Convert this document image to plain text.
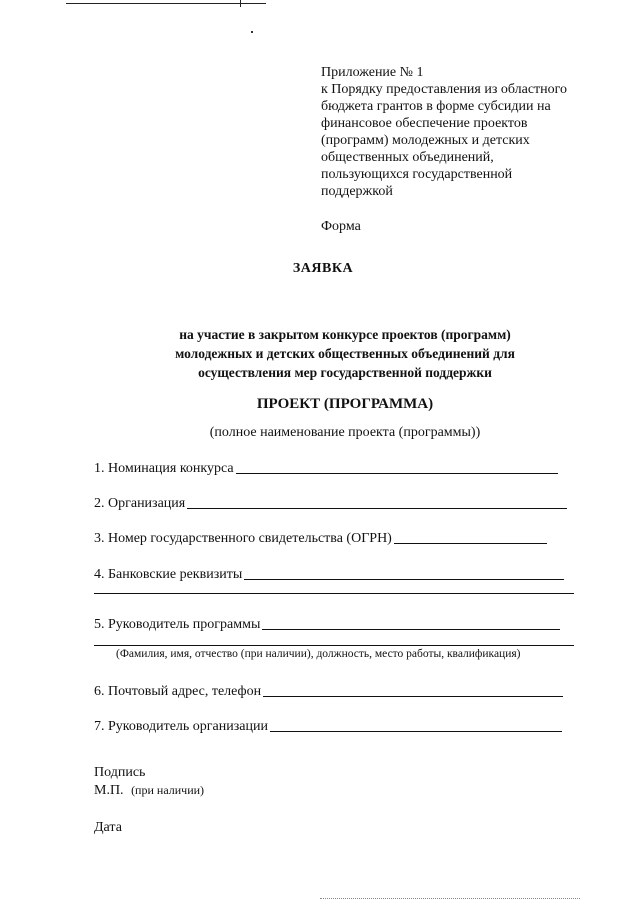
Приложение № 1
к Порядку предоставления из областного
бюджета грантов в форме субсидии на
финансовое обеспечение проектов
(программ) молодежных и детских
общественных объединений,
пользующихся государственной
поддержкой
Форма
ЗАЯВКА
на участие в закрытом конкурсе проектов (программ)
молодежных и детских общественных объединений для
осуществления мер государственной поддержки
ПРОЕКТ (ПРОГРАММА)
(полное наименование проекта (программы))
1. Номинация конкурса
2. Организация
3. Номер государственного свидетельства (ОГРН)
4. Банковские реквизиты
5. Руководитель программы
(Фамилия, имя, отчество (при наличии), должность, место работы, квалификация)
6. Почтовый адрес, телефон
7. Руководитель организации
Подпись
М.П. (при наличии)
Дата
